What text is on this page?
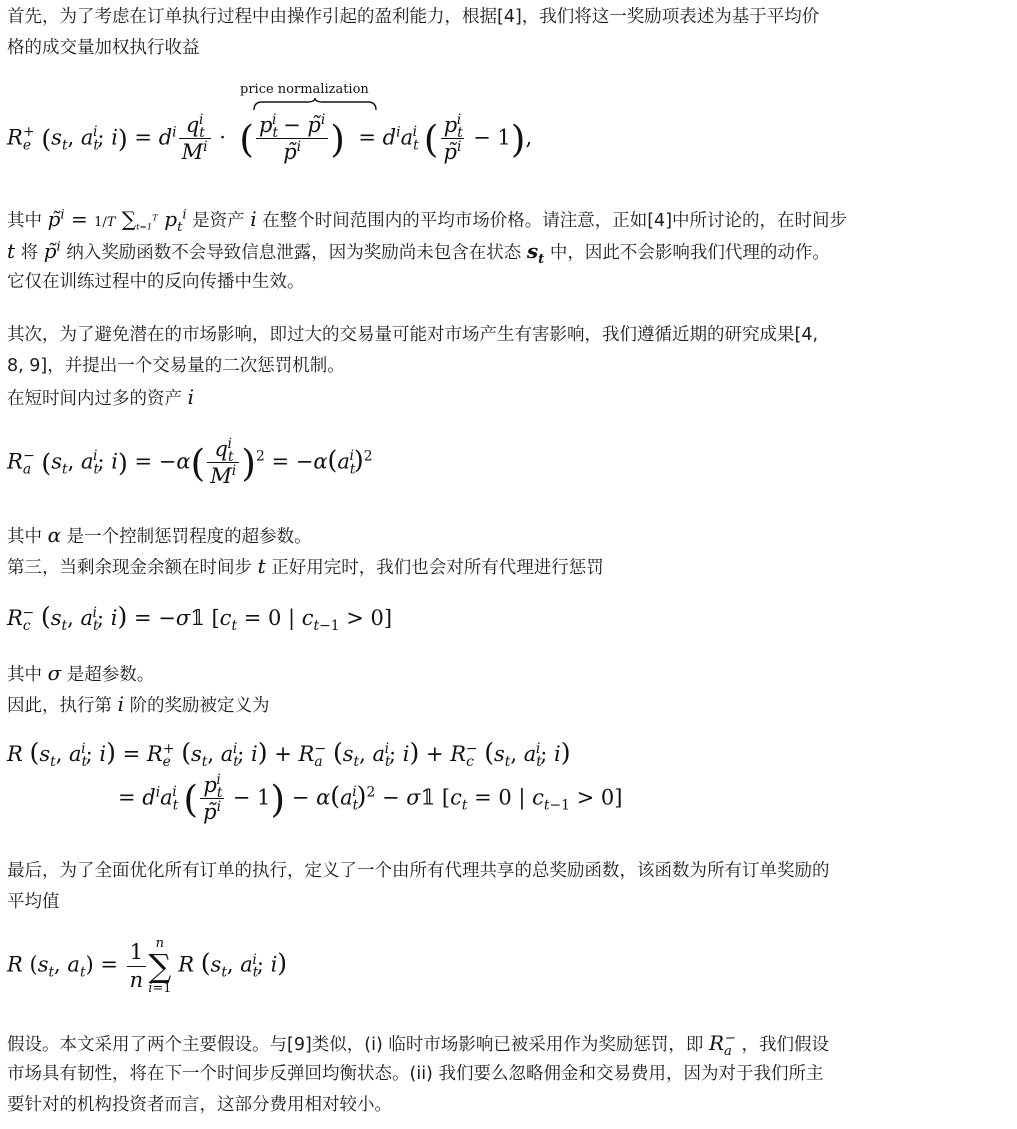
首先，为了考虑在订单执行过程中由操作引起的盈利能力，根据[4]，我们将这一奖励项表述为基于平均价
格的成交量加权执行收益
price normalization
$R_e^+$ ($s_t$, $a_t^i$; $i) = d^i \frac{q_t^i}{M^i}$ ·  ( $\frac{p_t^i - p̃^i}{p̃^i}$ )  = $d^ia_t^i$ ( $\frac{p_t^i}{p̃^i} - 1$),
其中 p̃$^i$ = 1/T $\sum_{t=1}^T$ $p_t^i$ 是资产 i 在整个时间范围内的平均市场价格。请注意，正如[4]中所讨论的，在时间步
t 将 p̃$^i$ 纳入奖励函数不会导致信息泄露，因为奖励尚未包含在状态 $s_t$ 中，因此不会影响我们代理的动作。
它仅在训练过程中的反向传播中生效。
其次，为了避免潜在的市场影响，即过大的交易量可能对市场产生有害影响，我们遵循近期的研究成果[4,
8, 9]，并提出一个交易量的二次惩罚机制。
在短时间内过多的资产 i
$R_a^-$ ($s_t$, $a_t^i$; $i) = -\alpha( \frac{q_t^i}{M^i} )^2 = -\alpha(a_t^i)^2$
其中 α 是一个控制惩罚程度的超参数。
第三，当剩余现金余额在时间步 t 正好用完时，我们也会对所有代理进行惩罚
$R_c^-$ ($s_t$, $a_t^i$; i) = −σ𝟙 [$c_t = 0$ | $c_{t-1} > 0$]
其中 σ 是超参数。
因此，执行第 i 阶的奖励被定义为
R ($s_t$, $a_t^i$; $i) = R_e^+$ ($s_t$, $a_t^i$; $i) + R_a^-$ ($s_t$, $a_t^i$; $i) + R_c^-$ ($s_t$, $a_t^i$; i)
= $d^ia_t^i$ ( $\frac{p_t^i}{p̃^i} - 1) - \alpha(a_t^i)^2$ − σ𝟙 [$c_t = 0$ | $c_{t-1} > 0$]
最后，为了全面优化所有订单的执行，定义了一个由所有代理共享的总奖励函数，该函数为所有订单奖励的
平均值
R ($s_t$, $a_t) = \frac{1}{n}$ n
∑
i=1
R ($s_t$, $a_t^i$; i)
假设。本文采用了两个主要假设。与[9]类似，(i) 临时市场影响已被采用作为奖励惩罚，即 $R_a^-$ ，我们假设
市场具有韧性，将在下一个时间步反弹回均衡状态。(ii) 我们要么忽略佣金和交易费用，因为对于我们所主
要针对的机构投资者而言，这部分费用相对较小。
